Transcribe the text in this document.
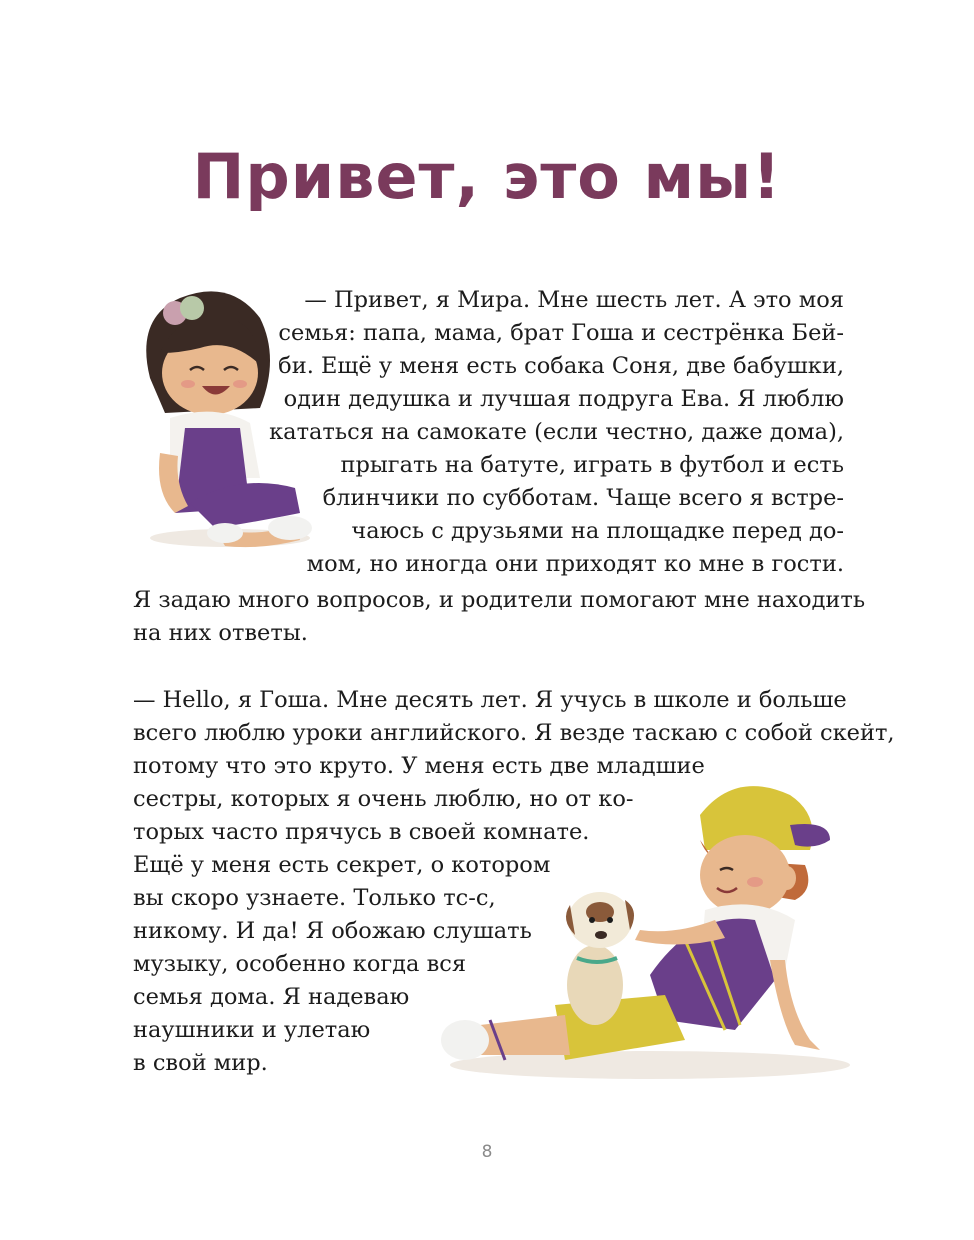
Привет, это мы!
— Привет, я Мира. Мне шесть лет. А это моя
семья: папа, мама, брат Гоша и сестрёнка Бей-
би. Ещё у меня есть собака Соня, две бабушки,
один дедушка и лучшая подруга Ева. Я люблю
кататься на самокате (если честно, даже дома),
прыгать на батуте, играть в футбол и есть
блинчики по субботам. Чаще всего я встре-
чаюсь с друзьями на площадке перед до-
мом, но иногда они приходят ко мне в гости.
Я задаю много вопросов, и родители помогают мне находить
на них ответы.
— Hello, я Гоша. Мне десять лет. Я учусь в школе и больше
всего люблю уроки английского. Я везде таскаю с собой скейт,
потому что это круто. У меня есть две младшие
сестры, которых я очень люблю, но от ко-
торых часто прячусь в своей комнате.
Ещё у меня есть секрет, о котором
вы скоро узнаете. Только тс-с,
никому. И да! Я обожаю слушать
музыку, особенно когда вся
семья дома. Я надеваю
наушники и улетаю
в свой мир.
8
